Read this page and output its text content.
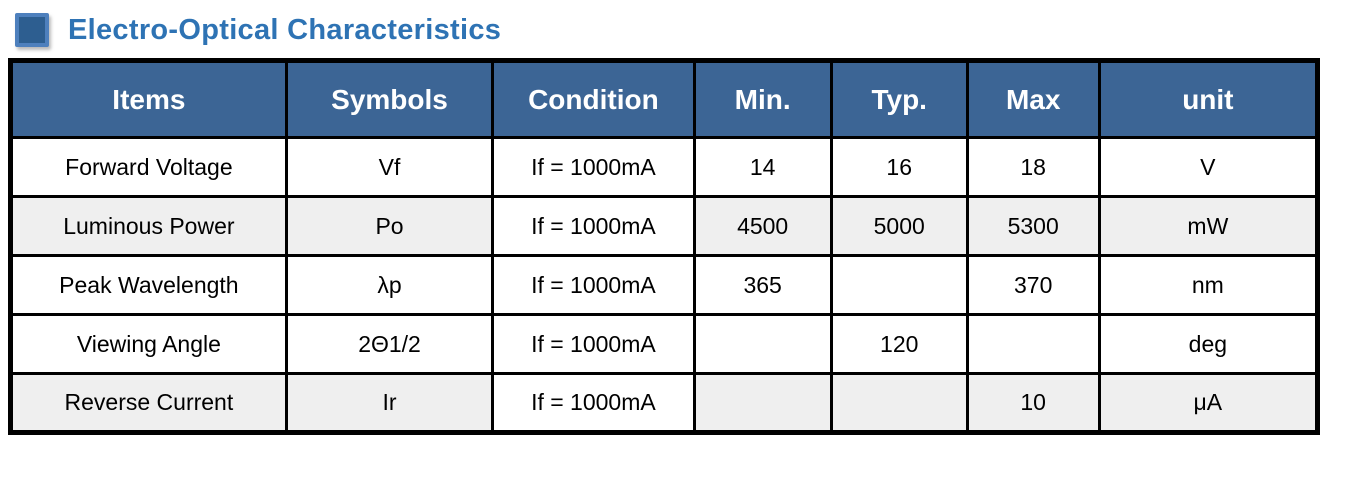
Electro-Optical Characteristics
Items	Symbols	Condition	Min.	Typ.	Max	unit
Forward Voltage	Vf	If = 1000mA	14	16	18	V
Luminous Power	Po	If = 1000mA	4500	5000	5300	mW
Peak Wavelength	λp	If = 1000mA	365		370	nm
Viewing Angle	2Θ1/2	If = 1000mA		120		deg
Reverse Current	Ir	If = 1000mA			10	μA
